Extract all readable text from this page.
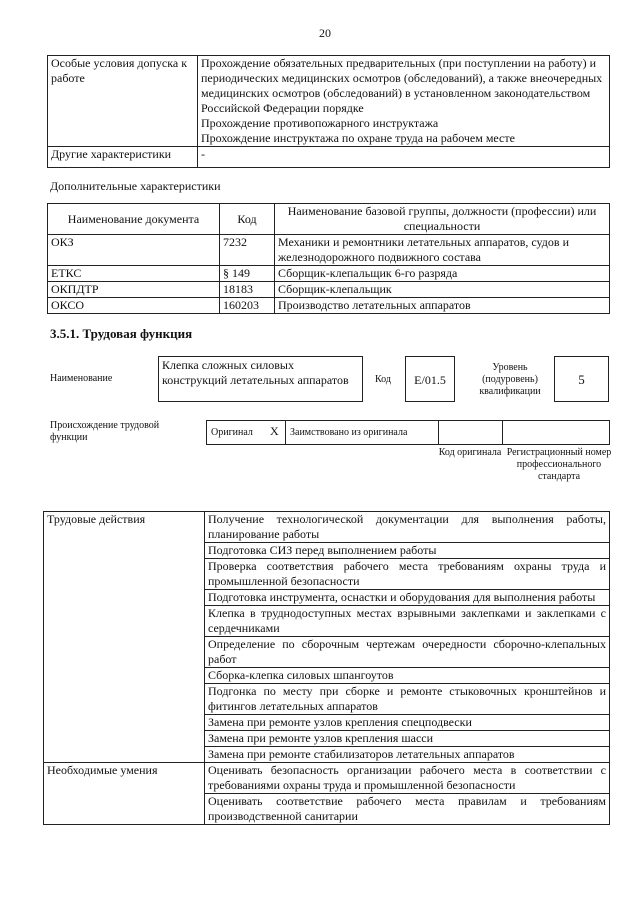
20
Особые условия допуска к работе	Прохождение обязательных предварительных (при поступлении на работу) и периодических медицинских осмотров (обследований), а также внеочередных медицинских осмотров (обследований) в установленном законодательством Российской Федерации порядке
Прохождение противопожарного инструктажа
Прохождение инструктажа по охране труда на рабочем месте

Другие характеристики	-
Дополнительные характеристики
Наименование документа	Код	Наименование базовой группы, должности (профессии) или специальности
ОКЗ	7232	Механики и ремонтники летательных аппаратов, судов и железнодорожного подвижного состава
ЕТКС	§ 149	Сборщик-клепальщик 6-го разряда
ОКПДТР	18183	Сборщик-клепальщик
ОКСО	160203	Производство летательных аппаратов
3.5.1. Трудовая функция
Наименование
Клепка сложных силовых конструкций летательных аппаратов	Код	E/01.5
Уровень (подуровень) квалификации
5
Происхождение трудовой функции	Оригинал X	Заимствовано из оригинала
Код оригинала Регистрационный номер профессионального стандарта
Трудовые действия	Получение технологической документации для выполнения работы, планирование работы
	Подготовка СИЗ перед выполнением работы
	Проверка соответствия рабочего места требованиям охраны труда и промышленной безопасности
	Подготовка инструмента, оснастки и оборудования для выполнения работы
	Клепка в труднодоступных местах взрывными заклепками и заклепками с сердечниками
	Определение по сборочным чертежам очередности сборочно-клепальных работ
	Сборка-клепка силовых шпангоутов
	Подгонка по месту при сборке и ремонте стыковочных кронштейнов и фитингов летательных аппаратов
	Замена при ремонте узлов крепления спецподвески
	Замена при ремонте узлов крепления шасси
	Замена при ремонте стабилизаторов летательных аппаратов
Необходимые умения	Оценивать безопасность организации рабочего места в соответствии с требованиями охраны труда и промышленной безопасности
	Оценивать соответствие рабочего места правилам и требованиям производственной санитарии
